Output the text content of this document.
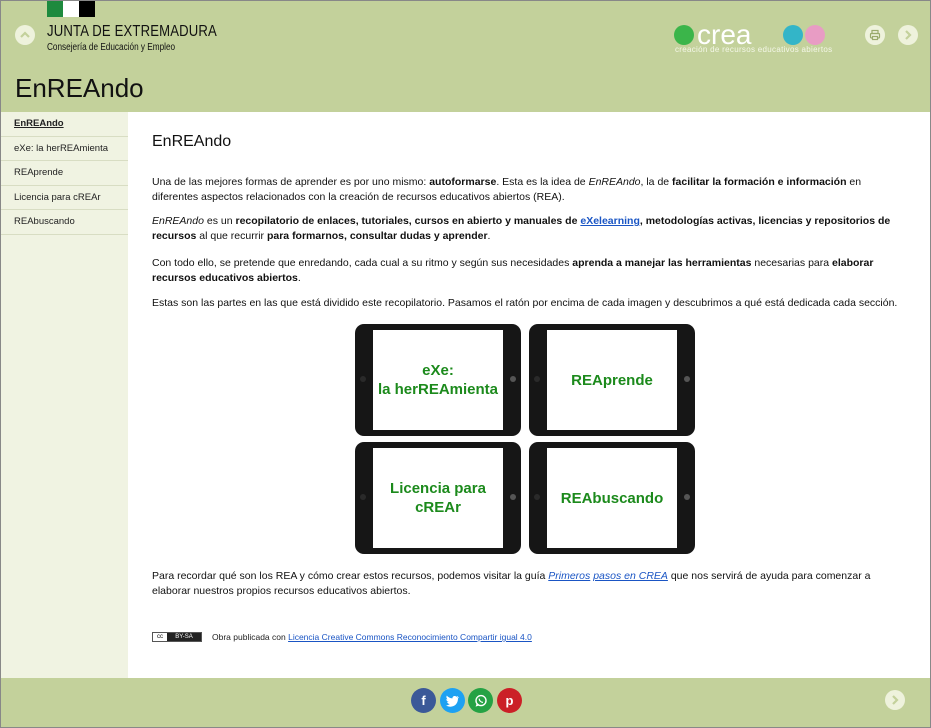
JUNTA DE EXTREMADURA
Consejería de Educación y Empleo	crea
creación de recursos educativos abiertos
EnREAndo
EnREAndo
eXe: la herREAmienta
REAprende
Licencia para cREAr
REAbuscando
EnREAndo

Una de las mejores formas de aprender es por uno mismo: autoformarse. Esta es la idea de EnREAndo, la de facilitar la formación e información en diferentes aspectos relacionados con la creación de recursos educativos abiertos (REA).

EnREAndo es un recopilatorio de enlaces, tutoriales, cursos en abierto y manuales de eXelearning, metodologías activas, licencias y repositorios de recursos al que recurrir para formarnos, consultar dudas y aprender.

Con todo ello, se pretende que enredando, cada cual a su ritmo y según sus necesidades aprenda a manejar las herramientas necesarias para elaborar recursos educativos abiertos.

Estas son las partes en las que está dividido este recopilatorio. Pasamos el ratón por encima de cada imagen y descubrimos a qué está dedicada cada sección.

eXe:
la herREAmienta
REAprende
Licencia para
cREAr
REAbuscando

Para recordar qué son los REA y cómo crear estos recursos, podemos visitar la guía Primeros pasos en CREA que nos servirá de ayuda para comenzar a elaborar nuestros propios recursos educativos abiertos.

cc	BY-SA	Obra publicada con
Licencia Creative Commons Reconocimiento Compartir igual 4.0
f	p
